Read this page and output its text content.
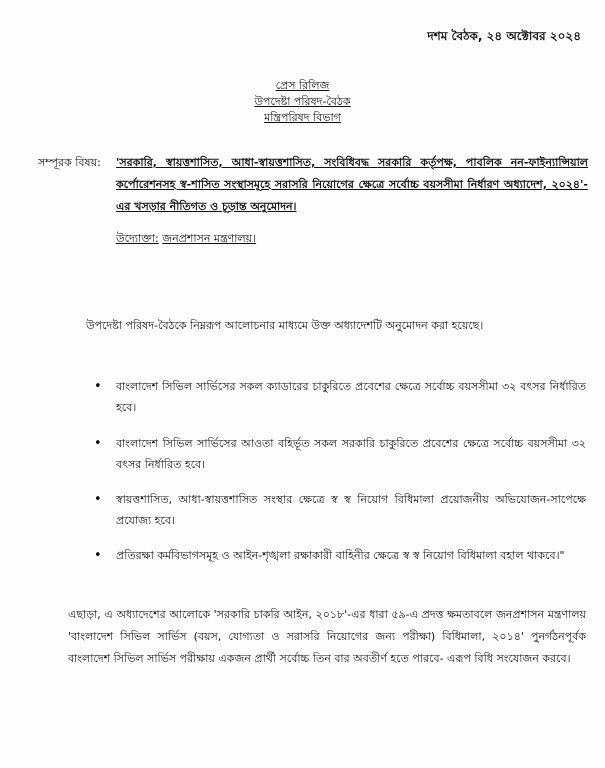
দশম বৈঠক, ২৪ অক্টোবর ২০২৪
প্রেস রিলিজ
উপদেষ্টা পরিষদ-বৈঠক
মন্ত্রিপরিষদ বিভাগ
সম্পূরক বিষয়: 'সরকারি, স্বায়ত্তশাসিত, আধা-স্বায়ত্তশাসিত, সংবিধিবদ্ধ সরকারি কর্তৃপক্ষ, পাবলিক নন-ফাইন্যান্সিয়াল কর্পোরেশনসহ স্ব-শাসিত সংস্থাসমূহে সরাসরি নিয়োগের ক্ষেত্রে সর্বোচ্চ বয়সসীমা নির্ধারণ অধ্যাদেশ, ২০২৪'-এর খসড়ার নীতিগত ও চূড়ান্ত অনুমোদন।
উদ্যোক্তা: জনপ্রশাসন মন্ত্রণালয়।
উপদেষ্টা পরিষদ-বৈঠকে নিম্নরূপ আলোচনার মাধ্যমে উক্ত অধ্যাদেশটি অনুমোদন করা হয়েছে।
• বাংলাদেশ সিভিল সার্ভিসের সকল ক্যাডারের চাকুরিতে প্রবেশের ক্ষেত্রে সর্বোচ্চ বয়সসীমা ৩২ বৎসর নির্ধারিত হবে।
• বাংলাদেশ সিভিল সার্ভিসের আওতা বহির্ভূত সকল সরকারি চাকুরিতে প্রবেশের ক্ষেত্রে সর্বোচ্চ বয়সসীমা ৩২ বৎসর নির্ধারিত হবে।
• স্বায়ত্তশাসিত, আধা-স্বায়ত্তশাসিত সংস্থার ক্ষেত্রে স্ব স্ব নিয়োগ বিধিমালা প্রয়োজনীয় অভিযোজন-সাপেক্ষে প্রযোজ্য হবে।
• প্রতিরক্ষা কর্মবিভাগসমূহ ও আইন-শৃঙ্খলা রক্ষাকারী বাহিনীর ক্ষেত্রে স্ব স্ব নিয়োগ বিধিমালা বহাল থাকবে।"
এছাড়া, এ অধ্যাদেশের আলোকে 'সরকারি চাকরি আইন, ২০১৮'-এর ধারা ৫৯-এ প্রদত্ত ক্ষমতাবলে জনপ্রশাসন মন্ত্রণালয় 'বাংলাদেশ সিভিল সার্ভিস (বয়স, যোগ্যতা ও সরাসরি নিয়োগের জন্য পরীক্ষা) বিধিমালা, ২০১৪' পুনর্গঠনপূর্বক বাংলাদেশ সিভিল সার্ভিস পরীক্ষায় একজন প্রার্থী সর্বোচ্চ তিন বার অবতীর্ণ হতে পারবে- এরূপ বিধি সংযোজন করবে।
